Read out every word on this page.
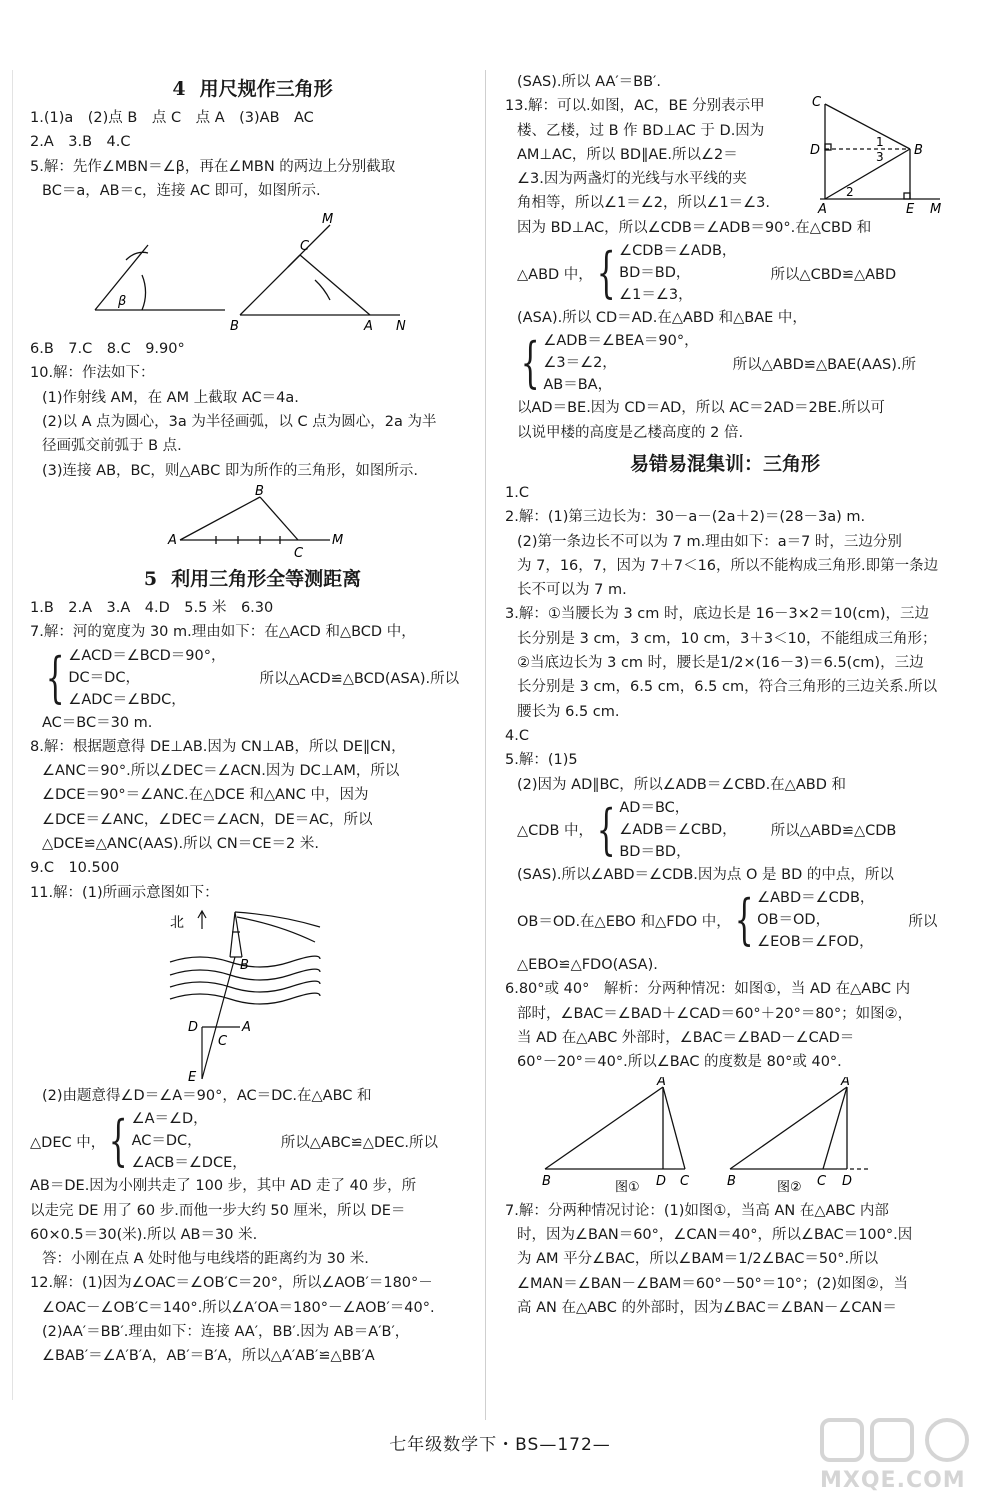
4 用尺规作三角形

1.(1)a　(2)点 B　点 C　点 A　(3)AB　AC

2.A　3.B　4.C

5.解：先作∠MBN＝∠β，再在∠MBN 的两边上分别截取

BC＝a，AB＝c，连接 AC 即可，如图所示.

β
B
M
C
A N

6.B　7.C　8.C　9.90°

10.解：作法如下：

(1)作射线 AM，在 AM 上截取 AC＝4a.

(2)以 A 点为圆心，3a 为半径画弧，以 C 点为圆心，2a 为半

径画弧交前弧于 B 点.

(3)连接 AB，BC，则△ABC 即为所作的三角形，如图所示.

A
B
C
M
5 利用三角形全等测距离

1.B　2.A　3.A　4.D　5.5 米　6.30

7.解：河的宽度为 30 m.理由如下：在△ACD 和△BCD 中，

{ ∠ACD＝∠BCD＝90°，

DC＝DC，

∠ADC＝∠BDC，

所以△ACD≌△BCD(ASA).所以

AC＝BC＝30 m.

8.解：根据题意得 DE⊥AB.因为 CN⊥AB，所以 DE∥CN，

∠ANC＝90°.所以∠DEC＝∠ACN.因为 DC⊥AM，所以

∠DCE＝90°＝∠ANC.在△DCE 和△ANC 中，因为

∠DCE＝∠ANC，∠DEC＝∠ACN，DE＝AC，所以

△DCE≌△ANC(AAS).所以 CN＝CE＝2 米.

9.C　10.500

11.解：(1)所画示意图如下：

北
B
D	A
C
E

(2)由题意得∠D＝∠A＝90°，AC＝DC.在△ABC 和

△DEC 中， { ∠A＝∠D，

AC＝DC，

∠ACB＝∠DCE，

所以△ABC≌△DEC.所以

AB＝DE.因为小刚共走了 100 步，其中 AD 走了 40 步，所

以走完 DE 用了 60 步.而他一步大约 50 厘米，所以 DE＝

60×0.5＝30(米).所以 AB＝30 米.

答：小刚在点 A 处时他与电线塔的距离约为 30 米.

12.解：(1)因为∠OAC＝∠OB′C＝20°，所以∠AOB′＝180°－

∠OAC－∠OB′C＝140°.所以∠A′OA＝180°－∠AOB′＝40°.

(2)AA′＝BB′.理由如下：连接 AA′，BB′.因为 AB＝A′B′，

∠BAB′＝∠A′B′A，AB′＝B′A，所以△A′AB′≌△BB′A

(SAS).所以 AA′＝BB′.

13.解：可以.如图，AC，BE 分别表示甲

楼、乙楼，过 B 作 BD⊥AC 于 D.因为

AM⊥AC，所以 BD∥AE.所以∠2＝

∠3.因为两盏灯的光线与水平线的夹

角相等，所以∠1＝∠2，所以∠1＝∠3.

C
D	B
1
3
2
A	E M

因为 BD⊥AC，所以∠CDB＝∠ADB＝90°.在△CBD 和

△ABD 中， { ∠CDB＝∠ADB，

BD＝BD，

∠1＝∠3，

所以△CBD≌△ABD

(ASA).所以 CD＝AD.在△ABD 和△BAE 中，

{ ∠ADB＝∠BEA＝90°，

∠3＝∠2，

AB＝BA，

所以△ABD≌△BAE(AAS).所

以AD＝BE.因为 CD＝AD，所以 AC＝2AD＝2BE.所以可

以说甲楼的高度是乙楼高度的 2 倍.

易错易混集训：三角形

1.C

2.解：(1)第三边长为：30－a－(2a＋2)＝(28－3a) m.

(2)第一条边长不可以为 7 m.理由如下：a＝7 时，三边分别

为 7，16，7，因为 7＋7＜16，所以不能构成三角形.即第一条边

长不可以为 7 m.

3.解：①当腰长为 3 cm 时，底边长是 16－3×2＝10(cm)，三边

长分别是 3 cm，3 cm，10 cm，3＋3＜10，不能组成三角形；

②当底边长为 3 cm 时，腰长是1/2×(16－3)＝6.5(cm)，三边

长分别是 3 cm，6.5 cm，6.5 cm，符合三角形的三边关系.所以

腰长为 6.5 cm.

4.C

5.解：(1)5

(2)因为 AD∥BC，所以∠ADB＝∠CBD.在△ABD 和

△CDB 中， { AD＝BC，

∠ADB＝∠CBD，

BD＝BD，

所以△ABD≌△CDB

(SAS).所以∠ABD＝∠CDB.因为点 O 是 BD 的中点，所以

OB＝OD.在△EBO 和△FDO 中， { ∠ABD＝∠CDB，

OB＝OD，

∠EOB＝∠FOD，

所以

△EBO≌△FDO(ASA).

6.80°或 40°　解析：分两种情况：如图①，当 AD 在△ABC 内

部时，∠BAC＝∠BAD＋∠CAD＝60°＋20°＝80°；如图②，

当 AD 在△ABC 外部时，∠BAC＝∠BAD－∠CAD＝

60°－20°＝40°.所以∠BAC 的度数是 80°或 40°.

A
B	D C
图①
A
B	C D
图②

7.解：分两种情况讨论：(1)如图①，当高 AN 在△ABC 内部

时，因为∠BAN＝60°，∠CAN＝40°，所以∠BAC＝100°.因

为 AM 平分∠BAC，所以∠BAM＝1/2∠BAC＝50°.所以

∠MAN＝∠BAN－∠BAM＝60°－50°＝10°；(2)如图②，当

高 AN 在△ABC 的外部时，因为∠BAC＝∠BAN－∠CAN＝

七年级数学下・BS—172—
MXQE.COM
